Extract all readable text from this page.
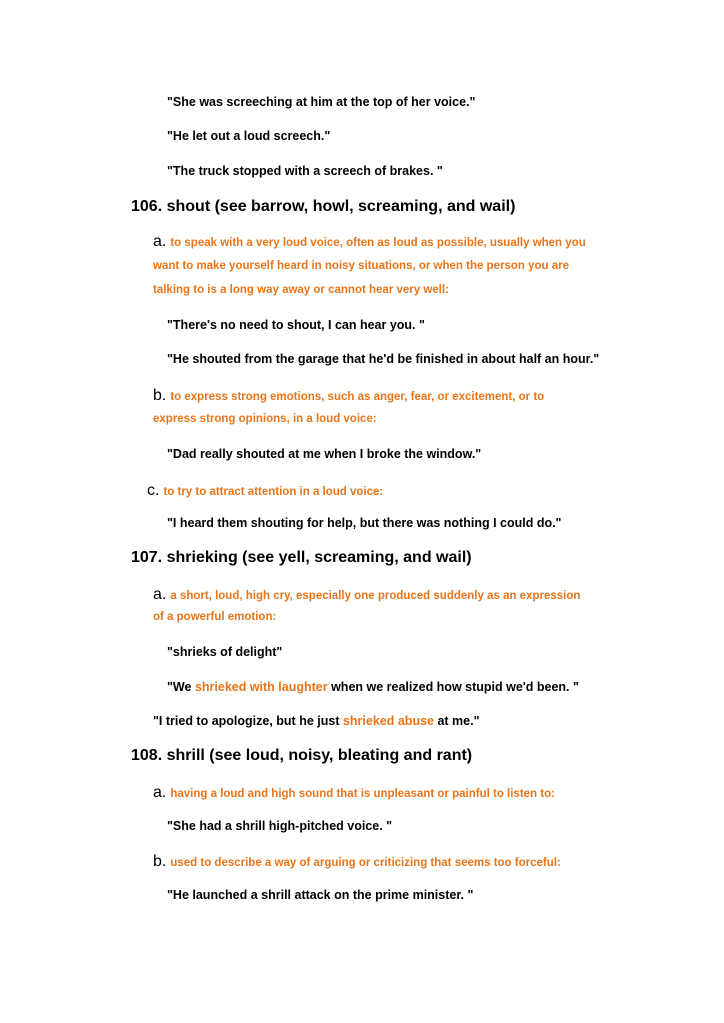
"She was screeching at him at the top of her voice."
"He let out a loud screech."
"The truck stopped with a screech of brakes. "
106. shout (see barrow, howl, screaming, and wail)
a. to speak with a very loud voice, often as loud as possible, usually when you
want to make yourself heard in noisy situations, or when the person you are
talking to is a long way away or cannot hear very well:
"There's no need to shout, I can hear you. "
"He shouted from the garage that he'd be finished in about half an hour."
b. to express strong emotions, such as anger, fear, or excitement, or to
express strong opinions, in a loud voice:
"Dad really shouted at me when I broke the window."
c. to try to attract attention in a loud voice:
"I heard them shouting for help, but there was nothing I could do."
107. shrieking (see yell, screaming, and wail)
a. a short, loud, high cry, especially one produced suddenly as an expression
of a powerful emotion:
"shrieks of delight"
"We shrieked with laughter when we realized how stupid we'd been. "
"I tried to apologize, but he just shrieked abuse at me."
108. shrill (see loud, noisy, bleating and rant)
a. having a loud and high sound that is unpleasant or painful to listen to:
"She had a shrill high-pitched voice. "
b. used to describe a way of arguing or criticizing that seems too forceful:
"He launched a shrill attack on the prime minister. "
